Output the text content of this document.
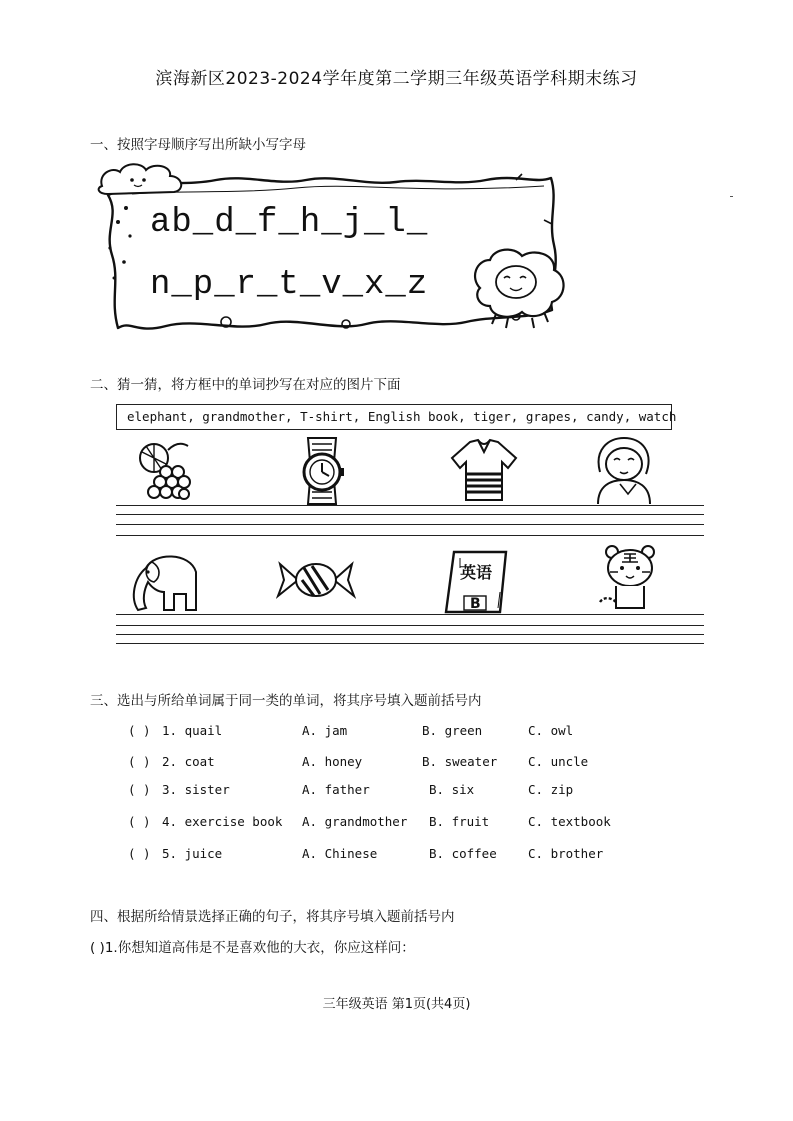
滨海新区2023-2024学年度第二学期三年级英语学科期末练习
一、按照字母顺序写出所缺小写字母
ab_d_f_h_j_l_
n_p_r_t_v_x_z
二、猜一猜，将方框中的单词抄写在对应的图片下面
elephant, grandmother, T-shirt, English book, tiger, grapes, candy, watch
英语
B
三、选出与所给单词属于同一类的单词，将其序号填入题前括号内
( ) 1. quail	A. jam	B. green	C. owl
( ) 2. coat	A. honey	B. sweater C. uncle
( ) 3. sister	A. father	B. six	C. zip
( ) 4. exercise book A. grandmother B. fruit	C. textbook
( ) 5. juice	A. Chinese	B. coffee	C. brother
四、根据所给情景选择正确的句子，将其序号填入题前括号内
( )1.你想知道高伟是不是喜欢他的大衣，你应这样问：
三年级英语 第1页(共4页)
